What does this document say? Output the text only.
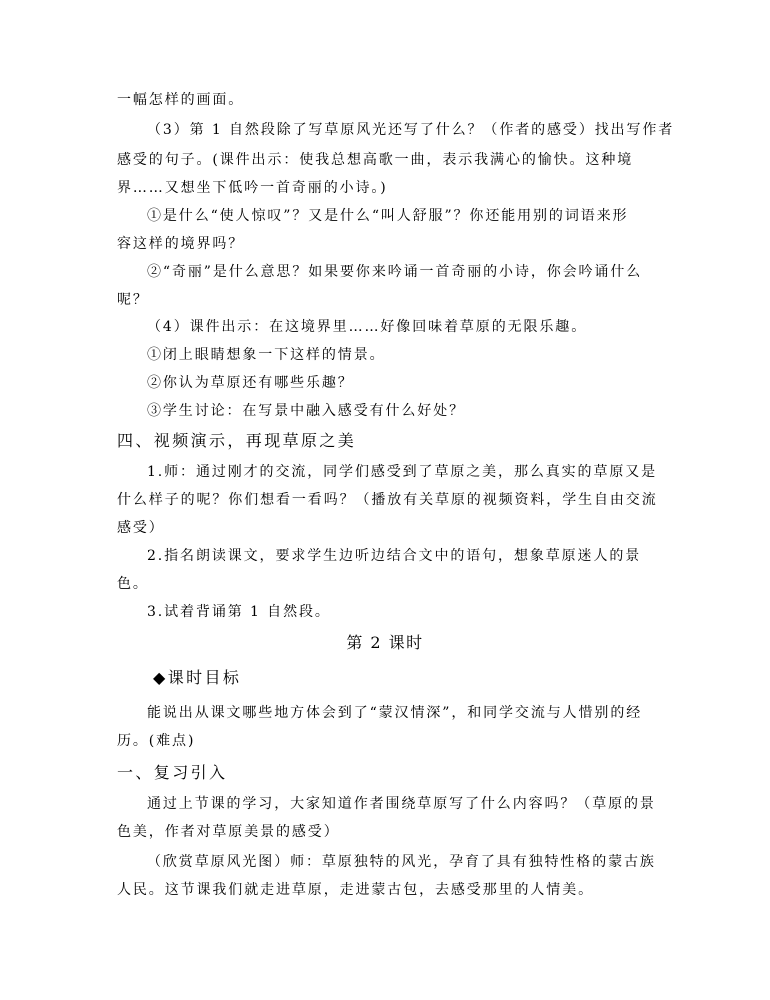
一幅怎样的画面。
（3）第 1 自然段除了写草原风光还写了什么？（作者的感受）找出写作者
感受的句子。(课件出示：使我总想高歌一曲，表示我满心的愉快。这种境
界……又想坐下低吟一首奇丽的小诗。)
①是什么“使人惊叹”？又是什么“叫人舒服”？你还能用别的词语来形
容这样的境界吗？
②“奇丽”是什么意思？如果要你来吟诵一首奇丽的小诗，你会吟诵什么
呢？
（4）课件出示：在这境界里……好像回味着草原的无限乐趣。
①闭上眼睛想象一下这样的情景。
②你认为草原还有哪些乐趣？
③学生讨论：在写景中融入感受有什么好处？
四、视频演示，再现草原之美
1.师：通过刚才的交流，同学们感受到了草原之美，那么真实的草原又是
什么样子的呢？你们想看一看吗？（播放有关草原的视频资料，学生自由交流
感受）
2.指名朗读课文，要求学生边听边结合文中的语句，想象草原迷人的景
色。
3.试着背诵第 1 自然段。
第 2 课时
◆课时目标
能说出从课文哪些地方体会到了“蒙汉情深”，和同学交流与人惜别的经
历。(难点)
一、复习引入
通过上节课的学习，大家知道作者围绕草原写了什么内容吗？（草原的景
色美，作者对草原美景的感受）
（欣赏草原风光图）师：草原独特的风光，孕育了具有独特性格的蒙古族
人民。这节课我们就走进草原，走进蒙古包，去感受那里的人情美。
